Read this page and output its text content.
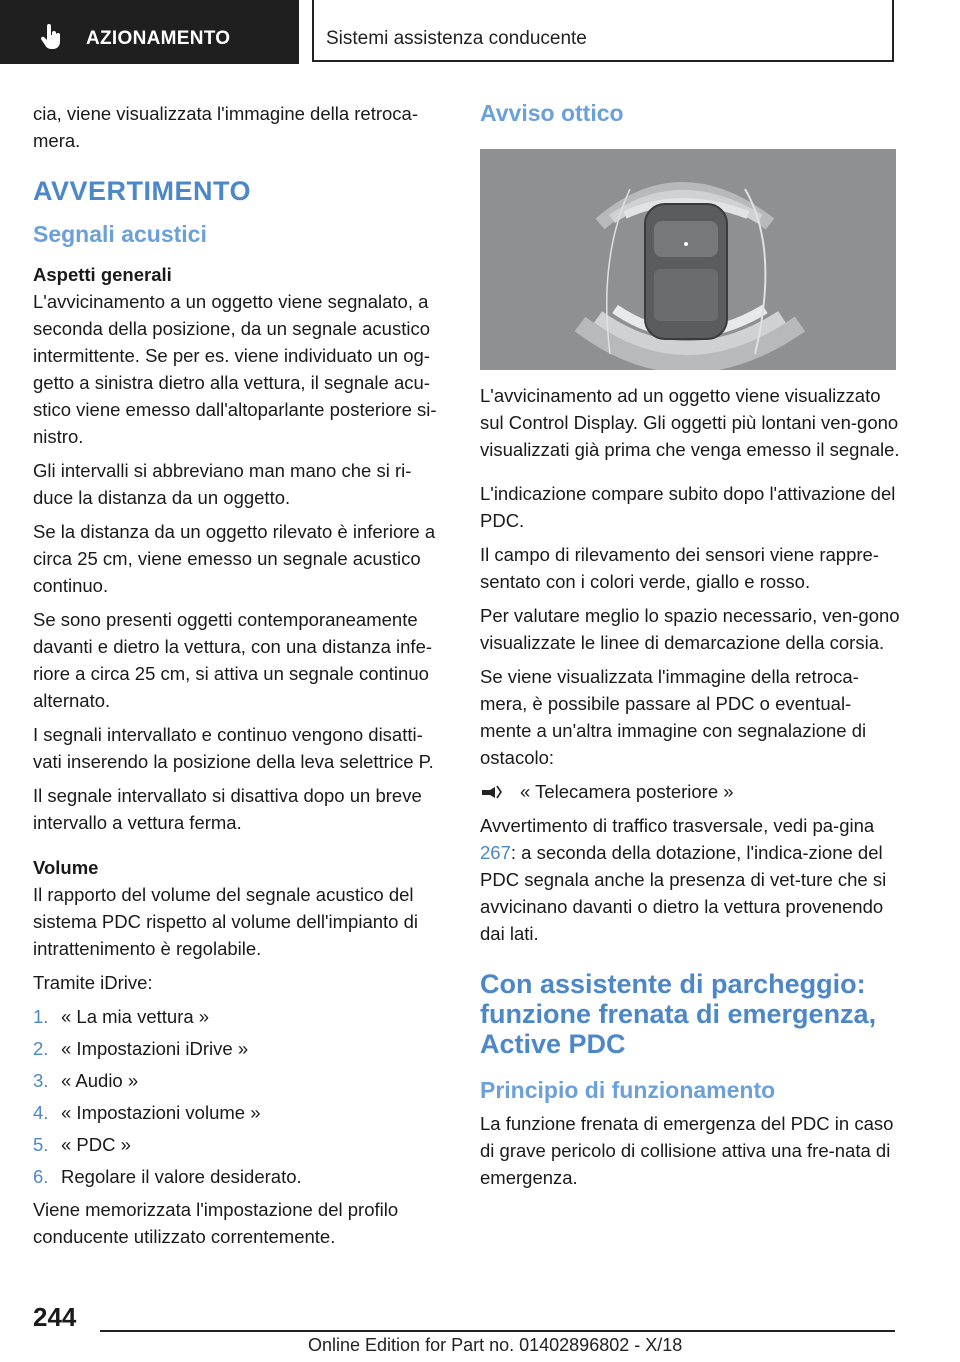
AZIONAMENTO	Sistemi assistenza conducente

cia, viene visualizzata l'immagine della retroca-mera.

AVVERTIMENTO
Segnali acustici
Aspetti generali

L'avvicinamento a un oggetto viene segnalato, a seconda della posizione, da un segnale acustico intermittente. Se per es. viene individuato un og-getto a sinistra dietro alla vettura, il segnale acu-stico viene emesso dall'altoparlante posteriore si-nistro.

Gli intervalli si abbreviano man mano che si ri-duce la distanza da un oggetto.

Se la distanza da un oggetto rilevato è inferiore a circa 25 cm, viene emesso un segnale acustico continuo.

Se sono presenti oggetti contemporaneamente davanti e dietro la vettura, con una distanza infe-riore a circa 25 cm, si attiva un segnale continuo alternato.

I segnali intervallato e continuo vengono disatti-vati inserendo la posizione della leva selettrice P.

Il segnale intervallato si disattiva dopo un breve intervallo a vettura ferma.

Volume

Il rapporto del volume del segnale acustico del sistema PDC rispetto al volume dell'impianto di intrattenimento è regolabile.

Tramite iDrive:

1. « La mia vettura »
2. « Impostazioni iDrive »
3. « Audio »
4. « Impostazioni volume »
5. « PDC »
6. Regolare il valore desiderato.

Viene memorizzata l'impostazione del profilo conducente utilizzato correntemente.

Avviso ottico

L'avvicinamento ad un oggetto viene visualizzato sul Control Display. Gli oggetti più lontani ven-gono visualizzati già prima che venga emesso il segnale.

L'indicazione compare subito dopo l'attivazione del PDC.

Il campo di rilevamento dei sensori viene rappre-sentato con i colori verde, giallo e rosso.

Per valutare meglio lo spazio necessario, ven-gono visualizzate le linee di demarcazione della corsia.

Se viene visualizzata l'immagine della retroca-mera, è possibile passare al PDC o eventual-mente a un'altra immagine con segnalazione di ostacolo:

« Telecamera posteriore »

Avvertimento di traffico trasversale, vedi pa-gina 267: a seconda della dotazione, l'indica-zione del PDC segnala anche la presenza di vet-ture che si avvicinano davanti o dietro la vettura provenendo dai lati.

Con assistente di parcheggio: funzione frenata di emergenza, Active PDC
Principio di funzionamento

La funzione frenata di emergenza del PDC in caso di grave pericolo di collisione attiva una fre-nata di emergenza.

244
Online Edition for Part no. 01402896802 - X/18
